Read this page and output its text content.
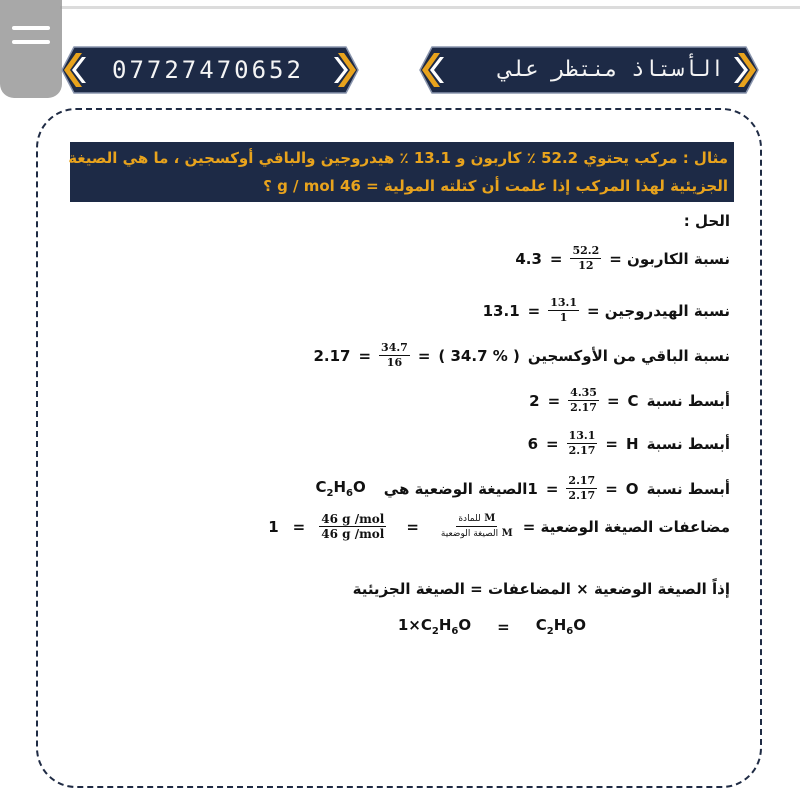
07727470652	الأستاذ منتظر علي
مثال : مركب يحتوي 52.2 ٪ كاربون و 13.1 ٪ هيدروجين والباقي أوكسجين ، ما هي الصيغة
الجزيئية لهذا المركب إذا علمت أن كتلته المولية = 46 g / mol ؟
الحل :
نسبة الكاربون =
$\frac{52.2}{12}$
=
4.3
نسبة الهيدروجين =
$\frac{13.1}{1}$
=
13.1
نسبة الباقي من الأوكسجين
( 34.7 % )
=
$\frac{34.7}{16}$
=
2.17
أبسط نسبة
C
=
$\frac{4.35}{2.17}$
=
2
أبسط نسبة
H
=
$\frac{13.1}{2.17}$
=
6
أبسط نسبة
O
=
$\frac{2.17}{2.17}$
=
1
الصيغة الوضعية هي
$C_2H_6O$
مضاعفات الصيغة الوضعية =
$\frac{\text{M للمادة}}{\text{M الصيغة الوضعية}}$
=
$\frac{\text{46 g /mol}}{\text{46 g /mol}}$
=
1
إذاً الصيغة الوضعية × المضاعفات = الصيغة الجزيئية
$C_2H_6O$
=
$1\times C_2H_6O$
